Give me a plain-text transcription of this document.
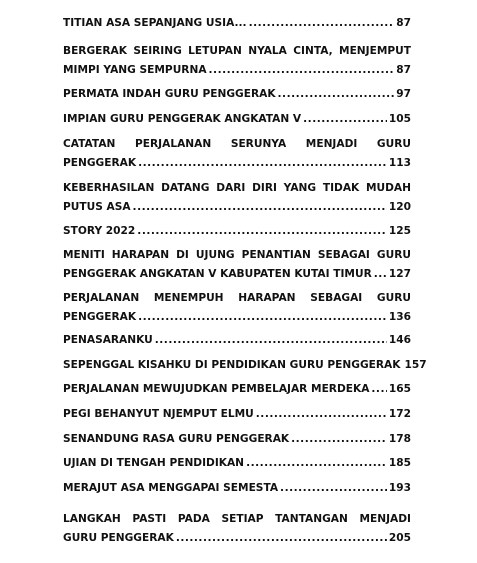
TITIAN ASA SEPANJANG USIA... .....	87
BERGERAK SEIRING LETUPAN NYALA CINTA, MENJEMPUT
MIMPI YANG SEMPURNA .....	87
PERMATA INDAH GURU PENGGERAK .....	97
IMPIAN GURU PENGGERAK ANGKATAN V .....	105
CATATAN PERJALANAN SERUNYA MENJADI GURU
PENGGERAK .....	113
KEBERHASILAN DATANG DARI DIRI YANG TIDAK MUDAH
PUTUS ASA .....	120
STORY 2022 .....	125
MENITI HARAPAN DI UJUNG PENANTIAN SEBAGAI GURU
PENGGERAK ANGKATAN V KABUPATEN KUTAI TIMUR ..... 127
PERJALANAN MENEMPUH HARAPAN SEBAGAI GURU
PENGGERAK .....	136
PENASARANKU .....	146
SEPENGGAL KISAHKU DI PENDIDIKAN GURU PENGGERAK 157
PERJALANAN MEWUJUDKAN PEMBELAJAR MERDEKA ..... 165
PEGI BEHANYUT NJEMPUT ELMU .....	172
SENANDUNG RASA GURU PENGGERAK .....	178
UJIAN DI TENGAH PENDIDIKAN .....	185
MERAJUT ASA MENGGAPAI SEMESTA .....	193
LANGKAH PASTI PADA SETIAP TANTANGAN MENJADI
GURU PENGGERAK .....	205
